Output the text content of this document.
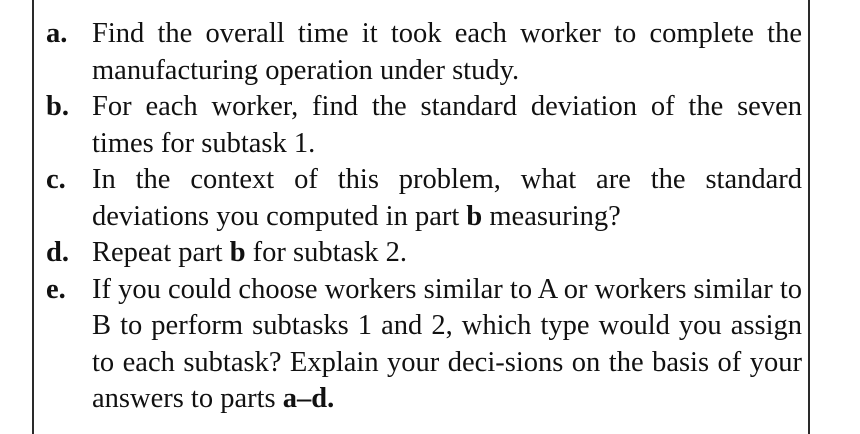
a. Find the overall time it took each worker to complete the manufacturing operation under study.
b. For each worker, find the standard deviation of the seven times for subtask 1.
c. In the context of this problem, what are the standard deviations you computed in part b measuring?
d. Repeat part b for subtask 2.
e. If you could choose workers similar to A or workers similar to B to perform subtasks 1 and 2, which type would you assign to each subtask? Explain your deci-sions on the basis of your answers to parts a–d.
